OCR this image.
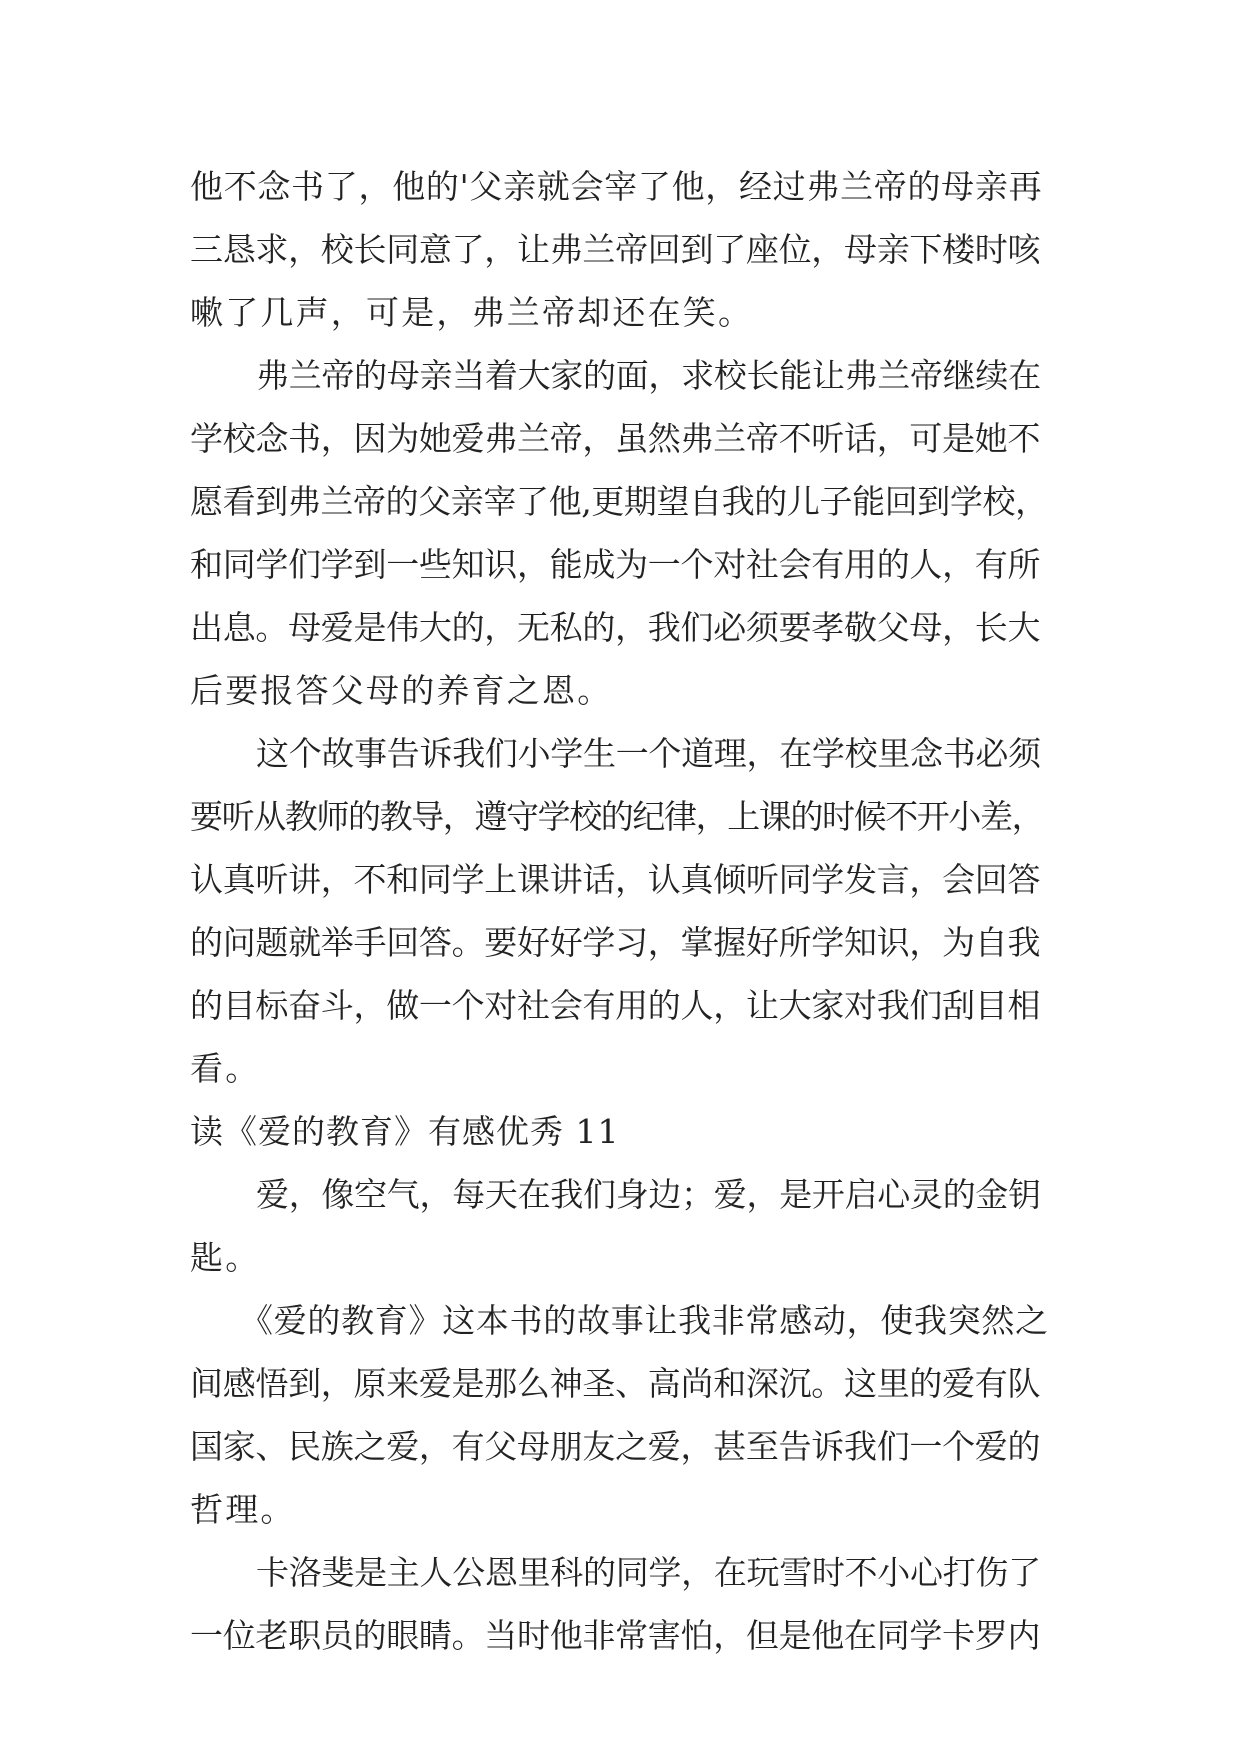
他不念书了，他的'父亲就会宰了他，经过弗兰帝的母亲再
三恳求，校长同意了，让弗兰帝回到了座位，母亲下楼时咳
嗽了几声，可是，弗兰帝却还在笑。
弗兰帝的母亲当着大家的面，求校长能让弗兰帝继续在
学校念书，因为她爱弗兰帝，虽然弗兰帝不听话，可是她不
愿看到弗兰帝的父亲宰了他,更期望自我的儿子能回到学校，
和同学们学到一些知识，能成为一个对社会有用的人，有所
出息。母爱是伟大的，无私的，我们必须要孝敬父母，长大
后要报答父母的养育之恩。
这个故事告诉我们小学生一个道理，在学校里念书必须
要听从教师的教导，遵守学校的纪律，上课的时候不开小差，
认真听讲，不和同学上课讲话，认真倾听同学发言，会回答
的问题就举手回答。要好好学习，掌握好所学知识，为自我
的目标奋斗，做一个对社会有用的人，让大家对我们刮目相
看。
读《爱的教育》有感优秀 11
爱，像空气，每天在我们身边；爱，是开启心灵的金钥
匙。
《爱的教育》这本书的故事让我非常感动，使我突然之
间感悟到，原来爱是那么神圣、高尚和深沉。这里的爱有队
国家、民族之爱，有父母朋友之爱，甚至告诉我们一个爱的
哲理。
卡洛斐是主人公恩里科的同学，在玩雪时不小心打伤了
一位老职员的眼睛。当时他非常害怕，但是他在同学卡罗内
